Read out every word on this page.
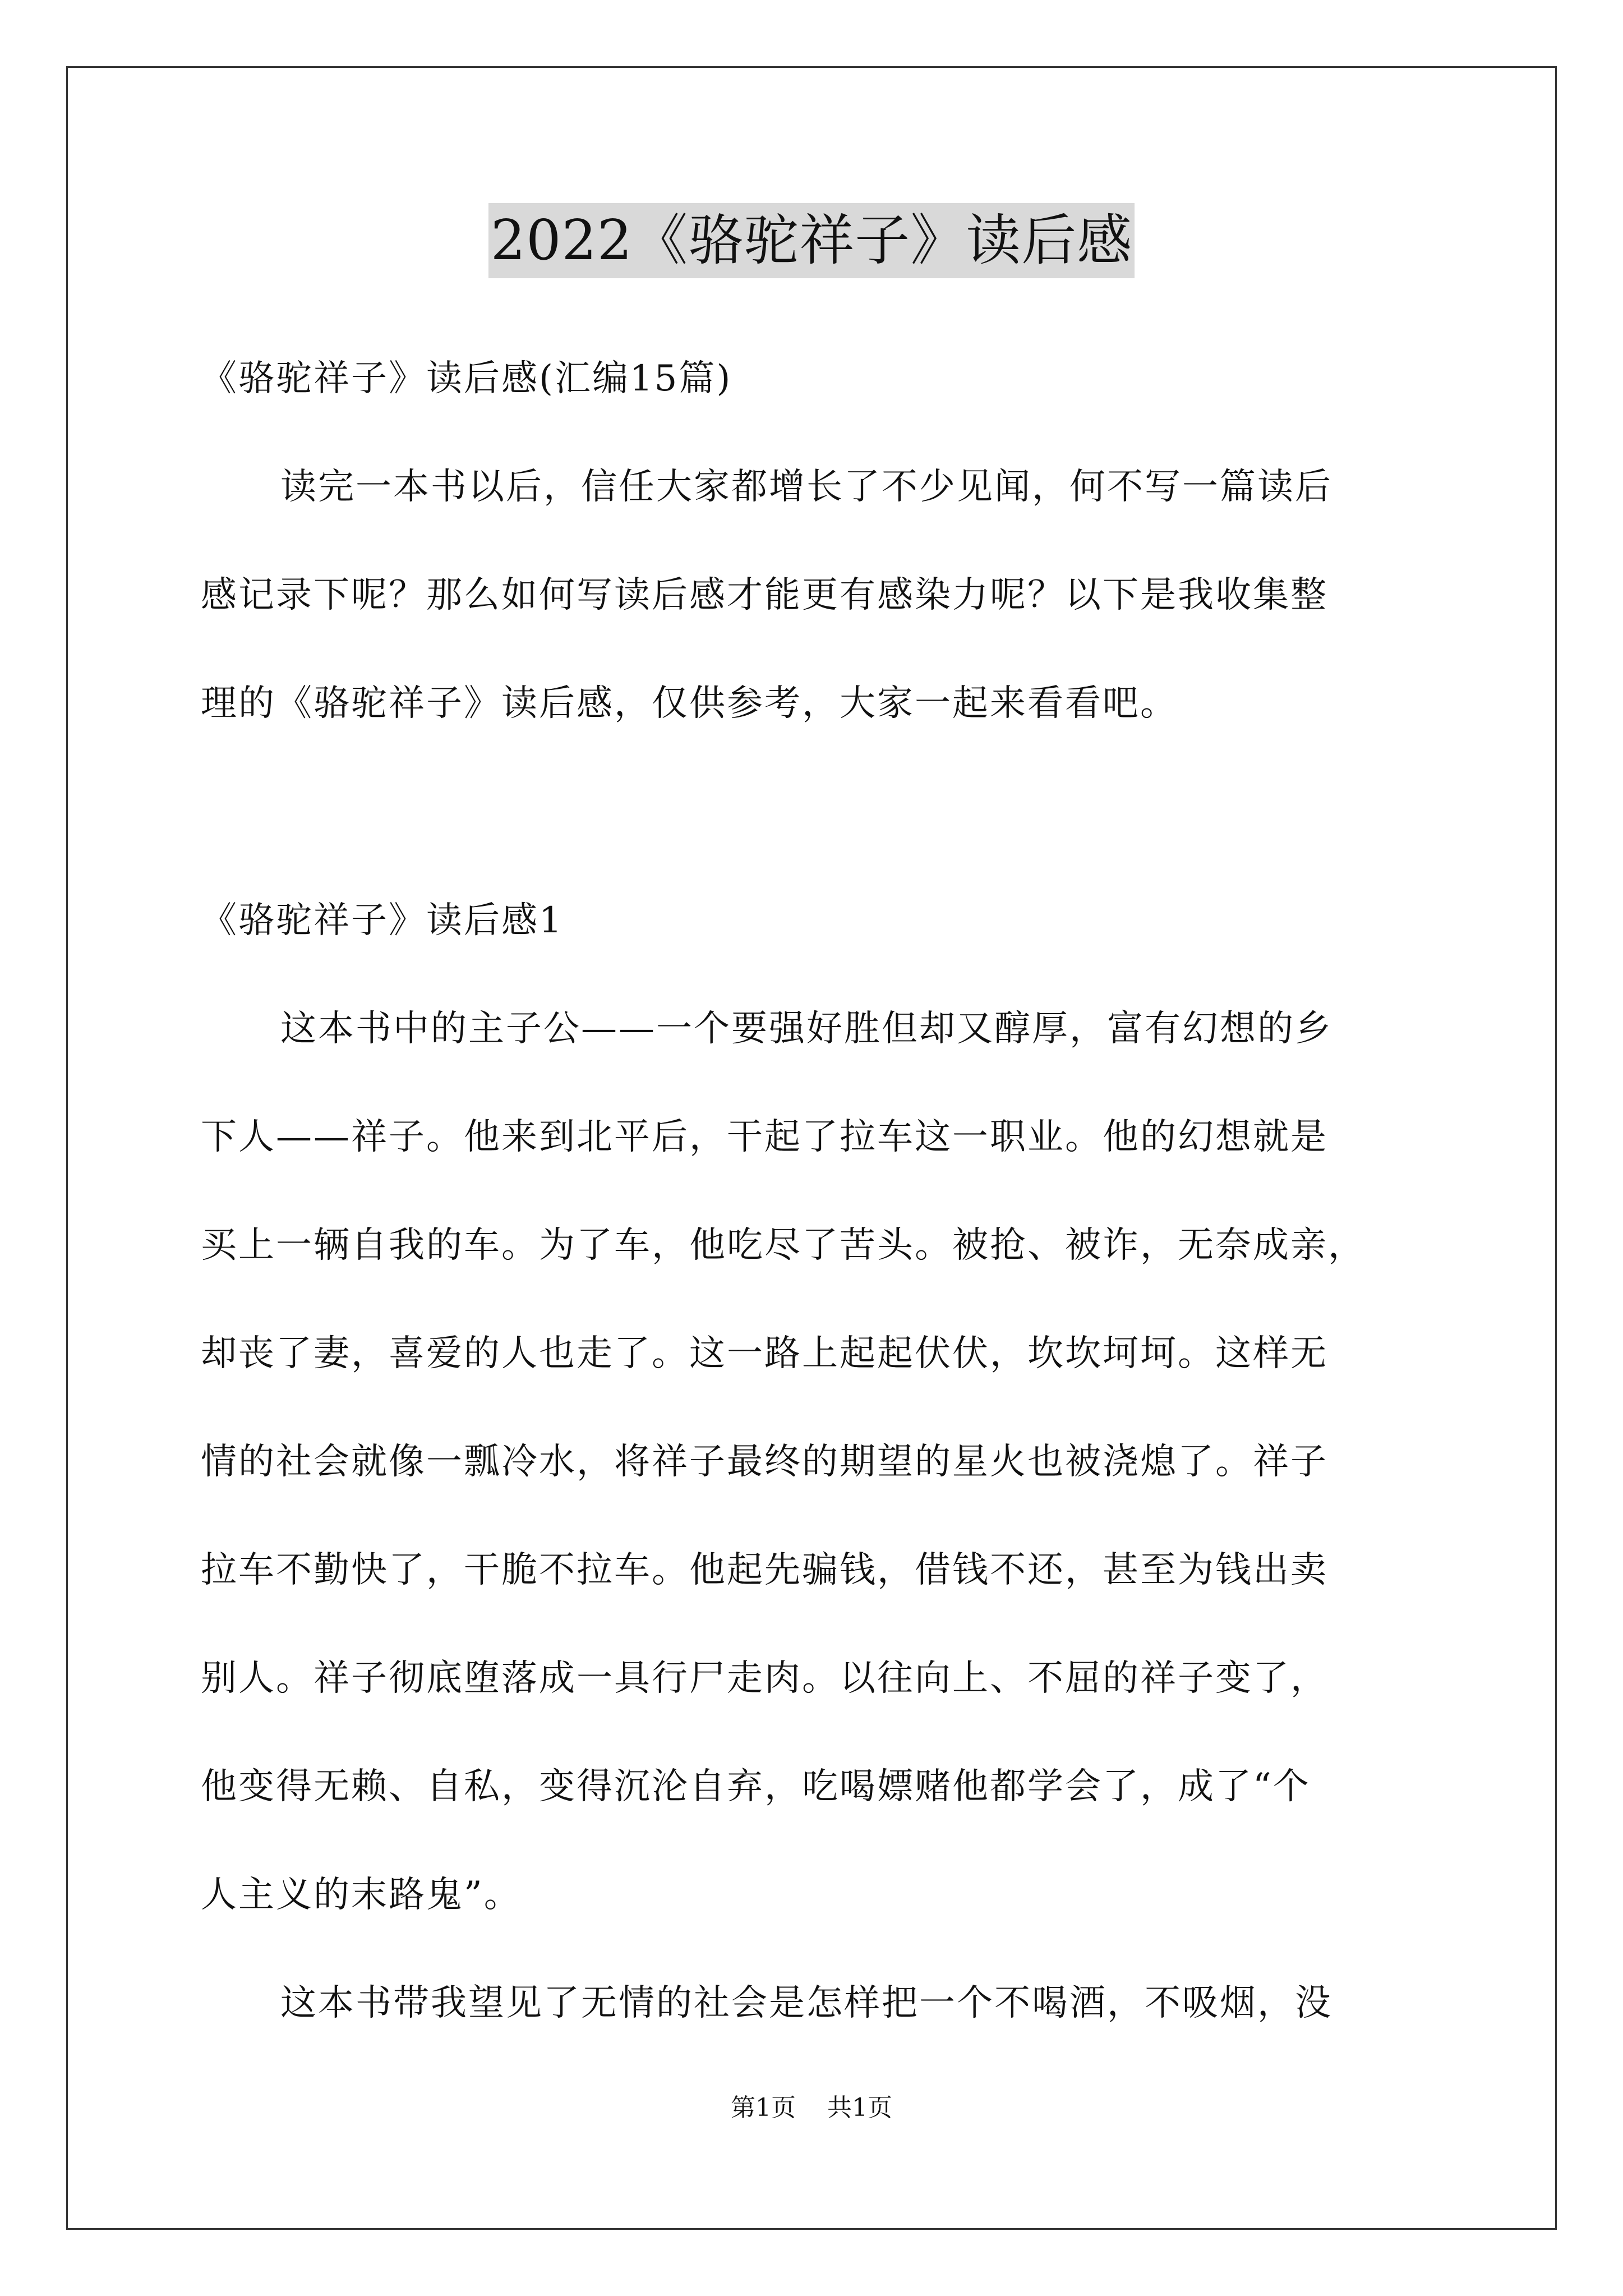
2022《骆驼祥子》读后感
《骆驼祥子》读后感(汇编15篇)
读完一本书以后，信任大家都增长了不少见闻，何不写一篇读后
感记录下呢？那么如何写读后感才能更有感染力呢？以下是我收集整
理的《骆驼祥子》读后感，仅供参考，大家一起来看看吧。
《骆驼祥子》读后感1
这本书中的主子公——一个要强好胜但却又醇厚，富有幻想的乡
下人——祥子。他来到北平后，干起了拉车这一职业。他的幻想就是
买上一辆自我的车。为了车，他吃尽了苦头。被抢、被诈，无奈成亲，
却丧了妻，喜爱的人也走了。这一路上起起伏伏，坎坎坷坷。这样无
情的社会就像一瓢冷水，将祥子最终的期望的星火也被浇熄了。祥子
拉车不勤快了，干脆不拉车。他起先骗钱，借钱不还，甚至为钱出卖
别人。祥子彻底堕落成一具行尸走肉。以往向上、不屈的祥子变了，
他变得无赖、自私，变得沉沦自弃，吃喝嫖赌他都学会了，成了“个
人主义的末路鬼”。
这本书带我望见了无情的社会是怎样把一个不喝酒，不吸烟，没
第1页 共1页
